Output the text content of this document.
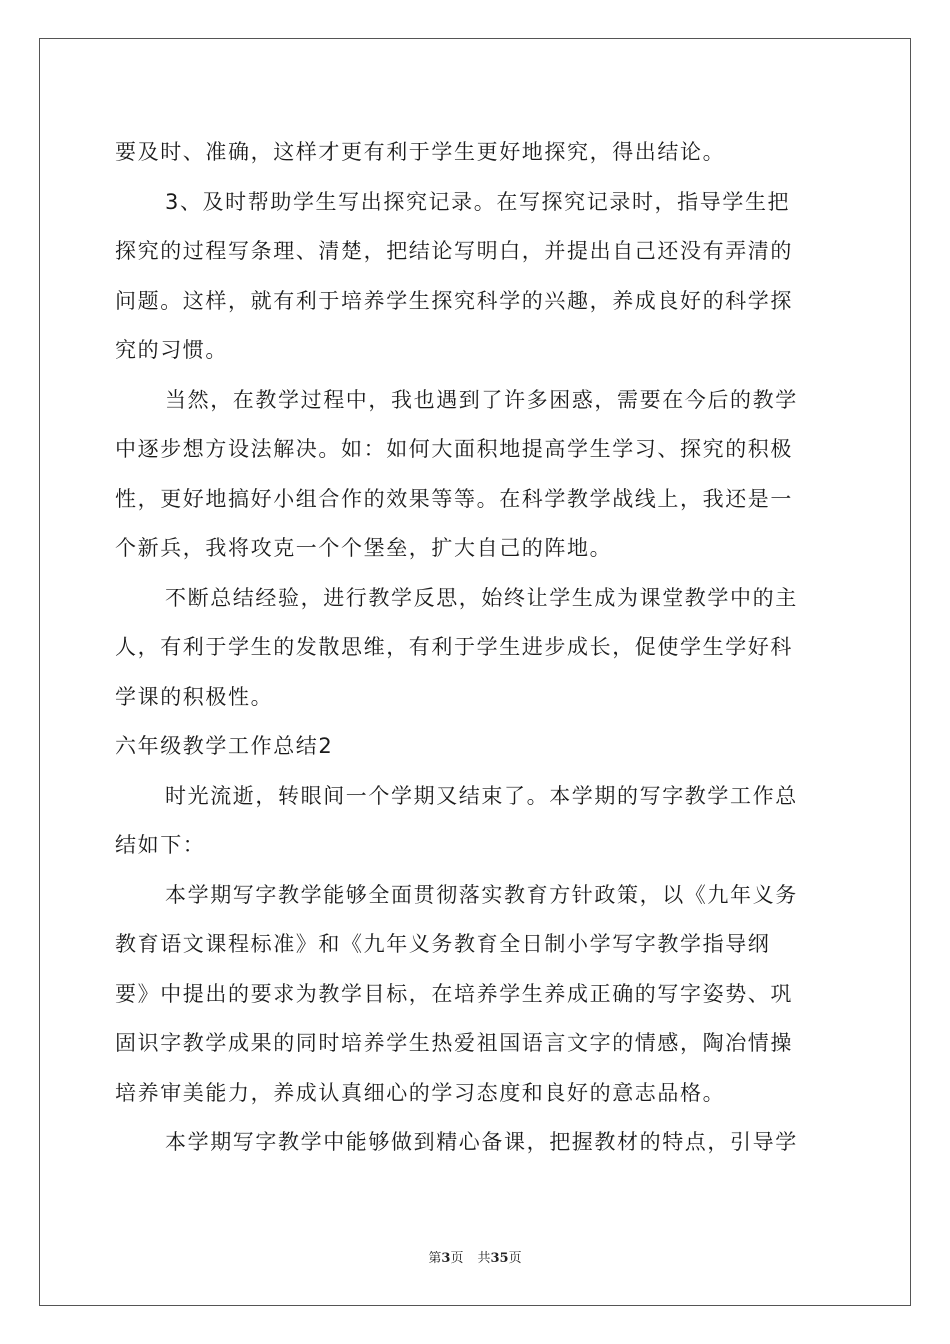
要及时、准确，这样才更有利于学生更好地探究，得出结论。

3、及时帮助学生写出探究记录。在写探究记录时，指导学生把

探究的过程写条理、清楚，把结论写明白，并提出自己还没有弄清的

问题。这样，就有利于培养学生探究科学的兴趣，养成良好的科学探

究的习惯。

当然，在教学过程中，我也遇到了许多困惑，需要在今后的教学

中逐步想方设法解决。如：如何大面积地提高学生学习、探究的积极

性，更好地搞好小组合作的效果等等。在科学教学战线上，我还是一

个新兵，我将攻克一个个堡垒，扩大自己的阵地。

不断总结经验，进行教学反思，始终让学生成为课堂教学中的主

人，有利于学生的发散思维，有利于学生进步成长，促使学生学好科

学课的积极性。

六年级教学工作总结2

时光流逝，转眼间一个学期又结束了。本学期的写字教学工作总

结如下：

本学期写字教学能够全面贯彻落实教育方针政策，以《九年义务

教育语文课程标准》和《九年义务教育全日制小学写字教学指导纲

要》中提出的要求为教学目标，在培养学生养成正确的写字姿势、巩

固识字教学成果的同时培养学生热爱祖国语言文字的情感，陶冶情操

培养审美能力，养成认真细心的学习态度和良好的意志品格。

本学期写字教学中能够做到精心备课，把握教材的特点，引导学

第3页 共35页
